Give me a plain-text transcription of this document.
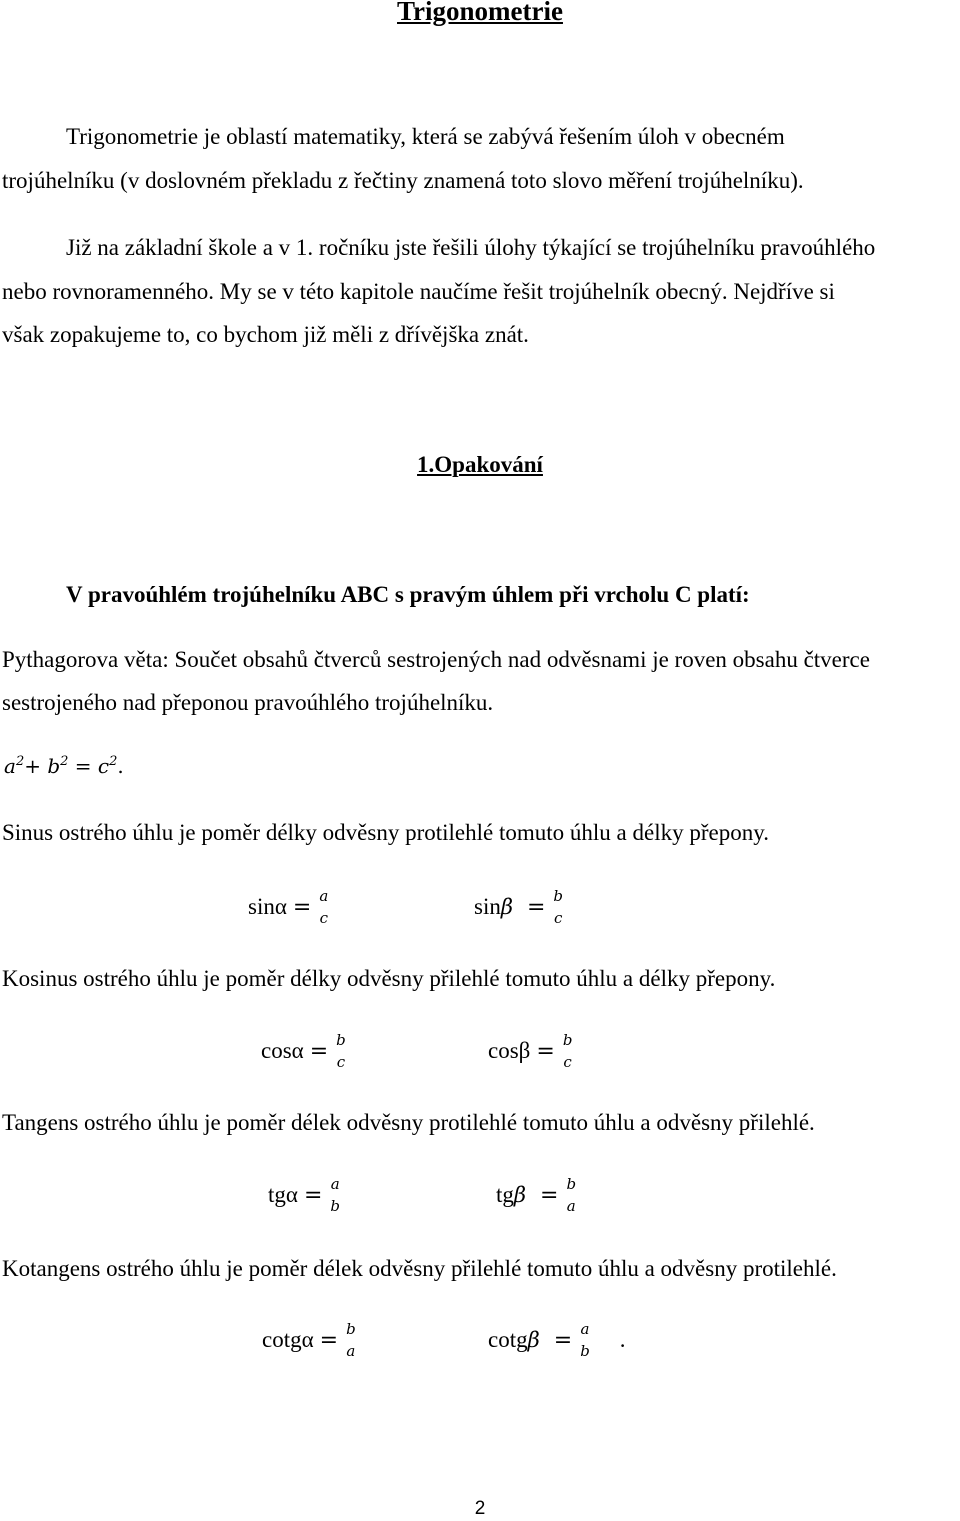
Trigonometrie
Trigonometrie je oblastí matematiky, která se zabývá řešením úloh v obecném
trojúhelníku (v doslovném překladu z řečtiny znamená toto slovo měření trojúhelníku).
Již na základní škole a v 1. ročníku jste řešili úlohy týkající se trojúhelníku pravoúhlého
nebo rovnoramenného. My se v této kapitole naučíme řešit trojúhelník obecný. Nejdříve si
však zopakujeme to, co bychom již měli z dřívějška znát.
1.Opakování
V pravoúhlém trojúhelníku ABC s pravým úhlem při vrcholu C platí:
Pythagorova věta: Součet obsahů čtverců sestrojených nad odvěsnami je roven obsahu čtverce
sestrojeného nad přeponou pravoúhlého trojúhelníku.
$a^2+ b^2 = c^2$.
Sinus ostrého úhlu je poměr délky odvěsny protilehlé tomuto úhlu a délky přepony.
sinα = a
c	sin β = b
c
Kosinus ostrého úhlu je poměr délky odvěsny přilehlé tomuto úhlu a délky přepony.
cosα = b
c	cosβ = b
c
Tangens ostrého úhlu je poměr délek odvěsny protilehlé tomuto úhlu a odvěsny přilehlé.
tgα = a
b	tg β = b
a
Kotangens ostrého úhlu je poměr délek odvěsny přilehlé tomuto úhlu a odvěsny protilehlé.
cotgα = b
a	cotg β = a
b .
2
